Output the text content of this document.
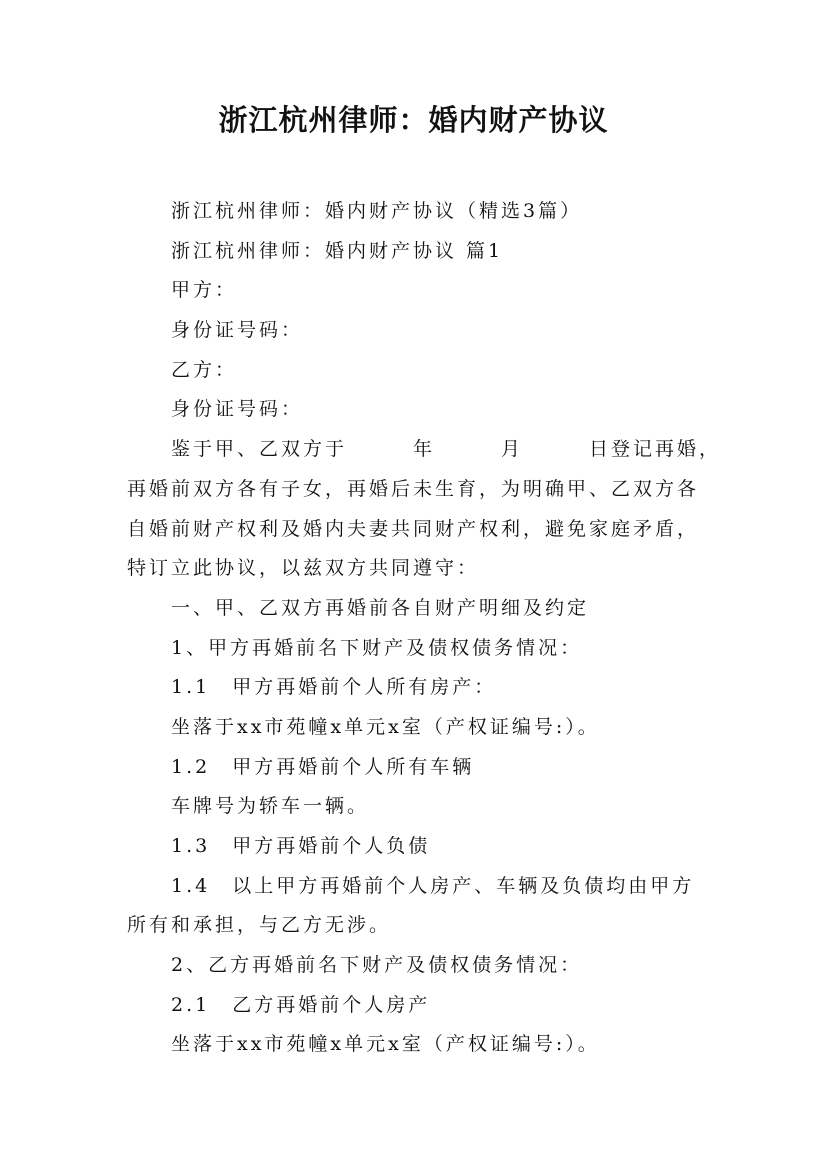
浙江杭州律师：婚内财产协议
浙江杭州律师：婚内财产协议（精选3篇）
浙江杭州律师：婚内财产协议 篇1
甲方：
身份证号码：
乙方：
身份证号码：
鉴于甲、乙双方于　　　年　　　月　　　日登记再婚，
再婚前双方各有子女，再婚后未生育，为明确甲、乙双方各
自婚前财产权利及婚内夫妻共同财产权利，避免家庭矛盾，
特订立此协议，以兹双方共同遵守：
一、甲、乙双方再婚前各自财产明细及约定
1、甲方再婚前名下财产及债权债务情况：
1.1　甲方再婚前个人所有房产：
坐落于xx市苑幢x单元x室（产权证编号:）。
1.2　甲方再婚前个人所有车辆
车牌号为轿车一辆。
1.3　甲方再婚前个人负债
1.4　以上甲方再婚前个人房产、车辆及负债均由甲方
所有和承担，与乙方无涉。
2、乙方再婚前名下财产及债权债务情况：
2.1　乙方再婚前个人房产
坐落于xx市苑幢x单元x室（产权证编号:）。
